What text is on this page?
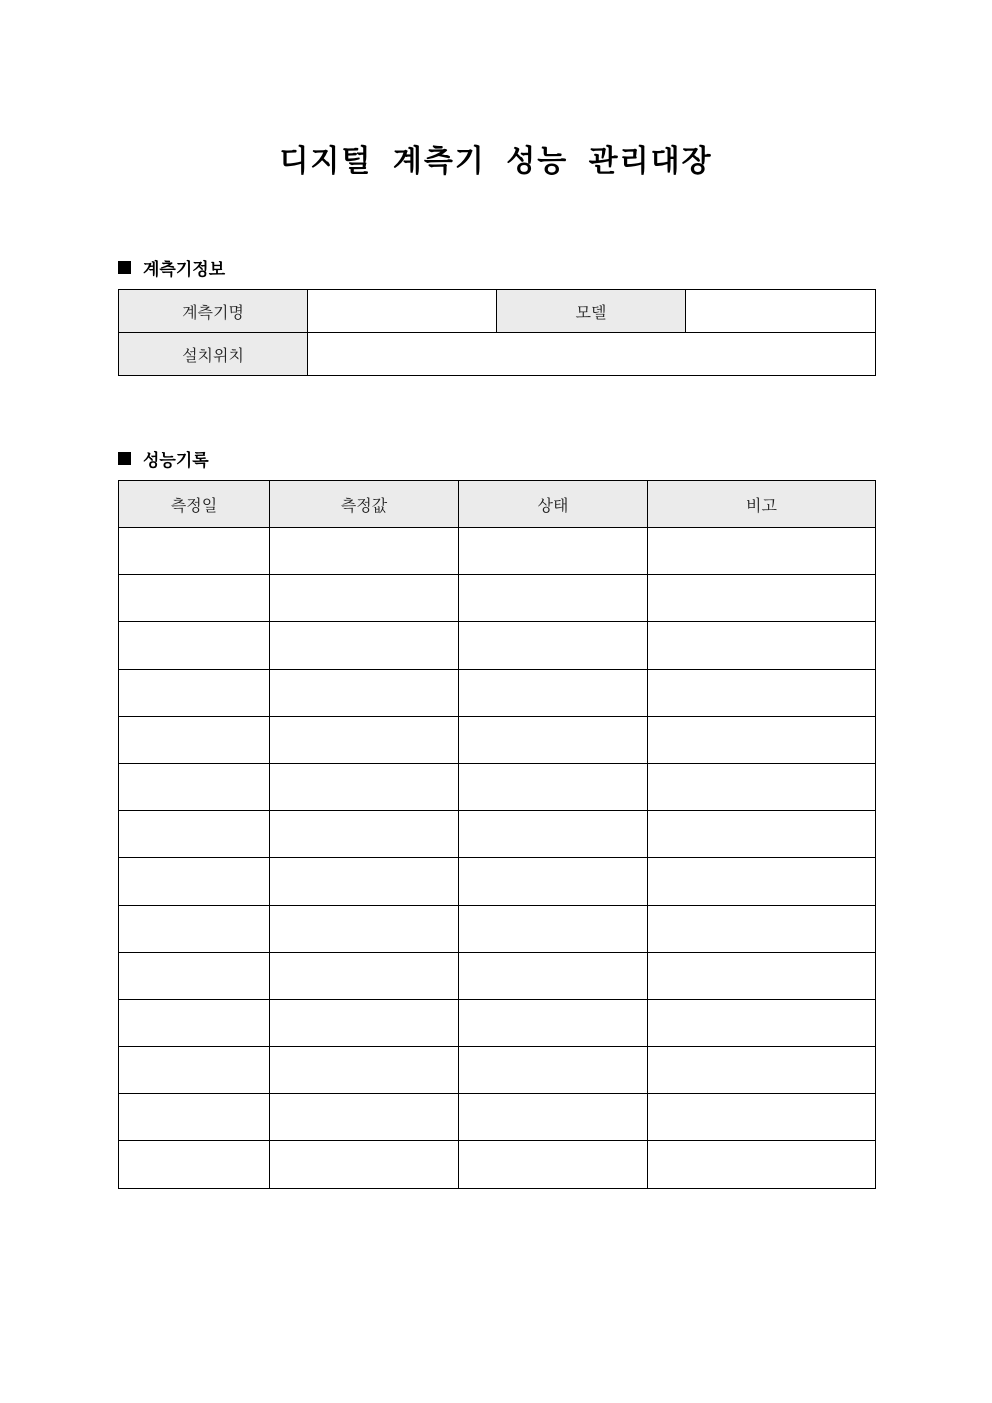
디지털 계측기 성능 관리대장
계측기정보
계측기명		모델	
설치위치			
성능기록
측정일	측정값	상태	비고
